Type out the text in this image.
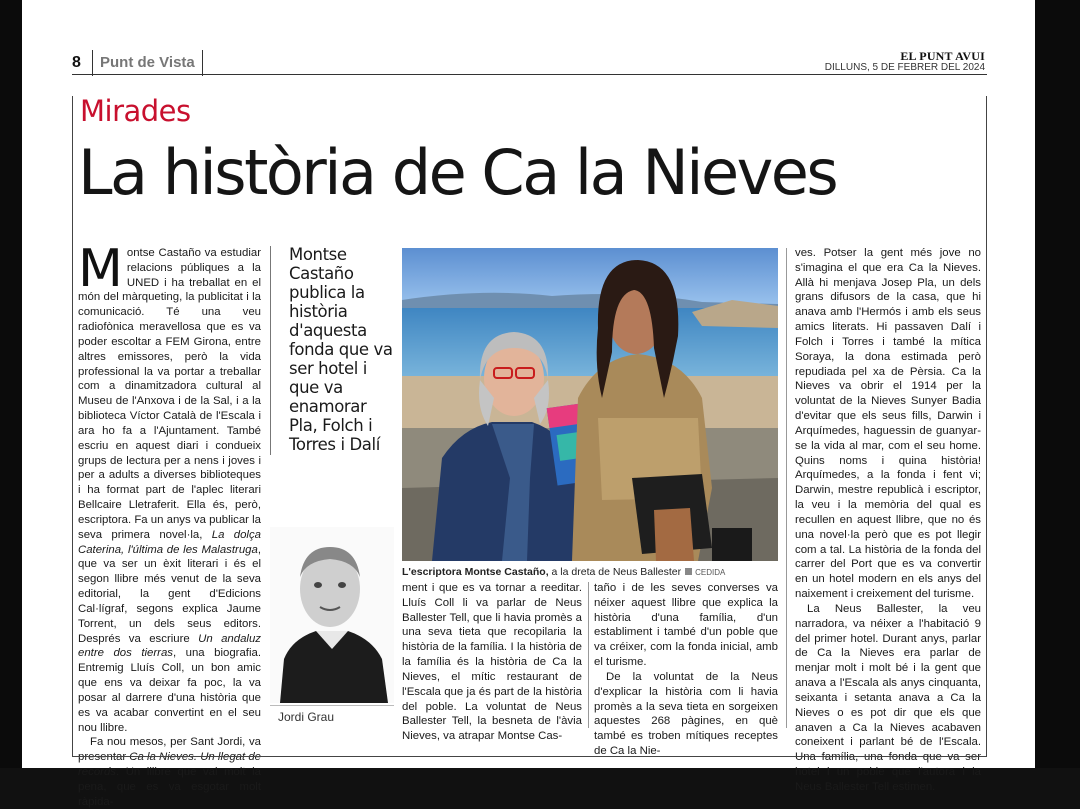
8	Punt de Vista	EL PUNT AVUI
DILLUNS, 5 DE FEBRER DEL 2024
Mirades
La història de Ca la Nieves

Montse Castaño va estudiar relacions públiques a la UNED i ha treballat en el món del màrqueting, la publicitat i la comunicació. Té una veu radiofònica meravellosa que es va poder escoltar a FEM Girona, entre altres emissores, però la vida professional la va portar a treballar com a dinamitzadora cultural al Museu de l'Anxova i de la Sal, i a la biblioteca Víctor Català de l'Escala i ara ho fa a l'Ajuntament. També escriu en aquest diari i condueix grups de lectura per a nens i joves i per a adults a diverses biblioteques i ha format part de l'aplec literari Bellcaire Lletraferit. Ella és, però, escriptora. Fa un anys va publicar la seva primera novel·la, La dolça Caterina, l'última de les Malastruga, que va ser un èxit literari i és el segon llibre més venut de la seva editorial, la gent d'Edicions Cal·lígraf, segons explica Jaume Torrent, un dels seus editors. Després va escriure Un andaluz entre dos tierras, una biografia. Entremig Lluís Coll, un bon amic que ens va deixar fa poc, la va posar al darrere d'una història que es va acabar convertint en el seu nou llibre.

Fa nou mesos, per Sant Jordi, va presentar Ca la Nieves. Un llegat de records. Un llibre que val molt la pena, que es va esgotar molt ràpida-

Montse Castaño publica la història d'aquesta fonda que va ser hotel i que va enamorar Pla, Folch i Torres i Dalí

Jordi Grau
L'escriptora Montse Castaño, a la dreta de Neus Ballester CEDIDA

ment i que es va tornar a reeditar. Lluís Coll li va parlar de Neus Ballester Tell, que li havia promès a una seva tieta que recopilaria la història de la família. I la història de la família és la història de Ca la Nieves, el mític restaurant de l'Escala que ja és part de la història del poble. La voluntat de Neus Ballester Tell, la besneta de l'àvia Nieves, va atrapar Montse Cas-

taño i de les seves converses va néixer aquest llibre que explica la història d'una família, d'un establiment i també d'un poble que va créixer, com la fonda inicial, amb el turisme.

De la voluntat de la Neus d'explicar la història com li havia promès a la seva tieta en sorgeixen aquestes 268 pàgines, en què també es troben mítiques receptes de Ca la Nie-

ves. Potser la gent més jove no s'imagina el que era Ca la Nieves. Allà hi menjava Josep Pla, un dels grans difusors de la casa, que hi anava amb l'Hermós i amb els seus amics literats. Hi passaven Dalí i Folch i Torres i també la mítica Soraya, la dona estimada però repudiada pel xa de Pèrsia. Ca la Nieves va obrir el 1914 per la voluntat de la Nieves Sunyer Badia d'evitar que els seus fills, Darwin i Arquímedes, haguessin de guanyar-se la vida al mar, com el seu home. Quins noms i quina història! Arquímedes, a la fonda i fent vi; Darwin, mestre republicà i escriptor, la veu i la memòria del qual es recullen en aquest llibre, que no és una novel·la però que es pot llegir com a tal. La història de la fonda del carrer del Port que es va convertir en un hotel modern en els anys del naixement i creixement del turisme.

La Neus Ballester, la veu narradora, va néixer a l'habitació 9 del primer hotel. Durant anys, parlar de Ca la Nieves era parlar de menjar molt i molt bé i la gent que anava a l'Escala als anys cinquanta, seixanta i setanta anava a Ca la Nieves o es pot dir que els que anaven a Ca la Nieves acabaven coneixent i parlant bé de l'Escala. Una família, una fonda que va ser hotel i un poble que l'autora i la Neus Ballester Tell estimen.
